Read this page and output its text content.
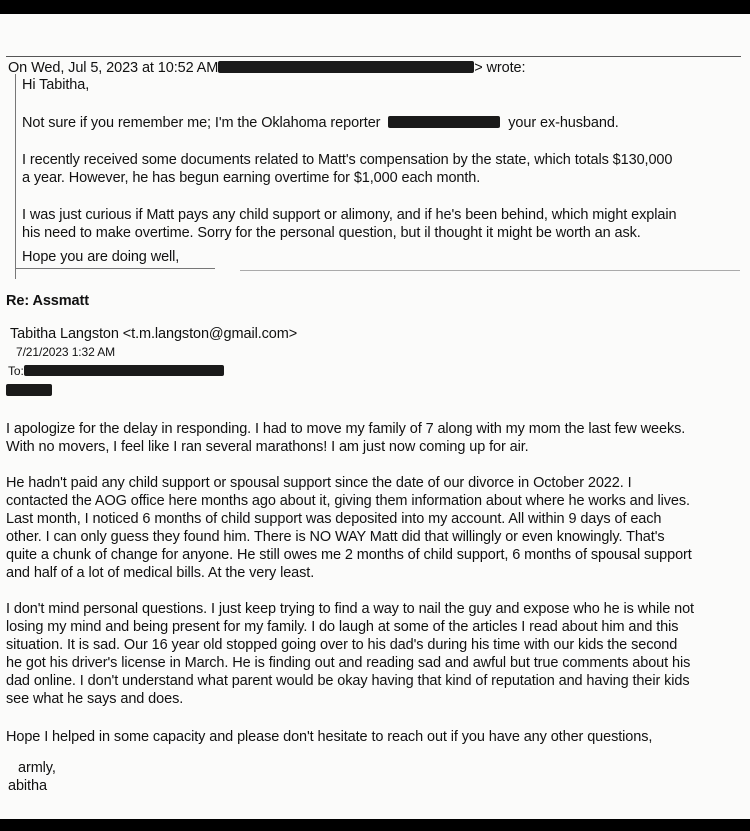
On Wed, Jul 5, 2023 at 10:52 AM	> wrote:
Hi Tabitha,
Not sure if you remember me; I'm the Oklahoma reporter	your ex-husband.
I recently received some documents related to Matt's compensation by the state, which totals $130,000
a year. However, he has begun earning overtime for $1,000 each month.
I was just curious if Matt pays any child support or alimony, and if he's been behind, which might explain
his need to make overtime. Sorry for the personal question, but il thought it might be worth an ask.
Hope you are doing well,
Re: Assmatt
Tabitha Langston <t.m.langston@gmail.com>
7/21/2023 1:32 AM
To:
I apologize for the delay in responding. I had to move my family of 7 along with my mom the last few weeks.
With no movers, I feel like I ran several marathons! I am just now coming up for air.
He hadn't paid any child support or spousal support since the date of our divorce in October 2022. I
contacted the AOG office here months ago about it, giving them information about where he works and lives.
Last month, I noticed 6 months of child support was deposited into my account. All within 9 days of each
other. I can only guess they found him. There is NO WAY Matt did that willingly or even knowingly. That's
quite a chunk of change for anyone. He still owes me 2 months of child support, 6 months of spousal support
and half of a lot of medical bills. At the very least.
I don't mind personal questions. I just keep trying to find a way to nail the guy and expose who he is while not
losing my mind and being present for my family. I do laugh at some of the articles I read about him and this
situation. It is sad. Our 16 year old stopped going over to his dad's during his time with our kids the second
he got his driver's license in March. He is finding out and reading sad and awful but true comments about his
dad online. I don't understand what parent would be okay having that kind of reputation and having their kids
see what he says and does.
Hope I helped in some capacity and please don't hesitate to reach out if you have any other questions,
armly,
abitha
